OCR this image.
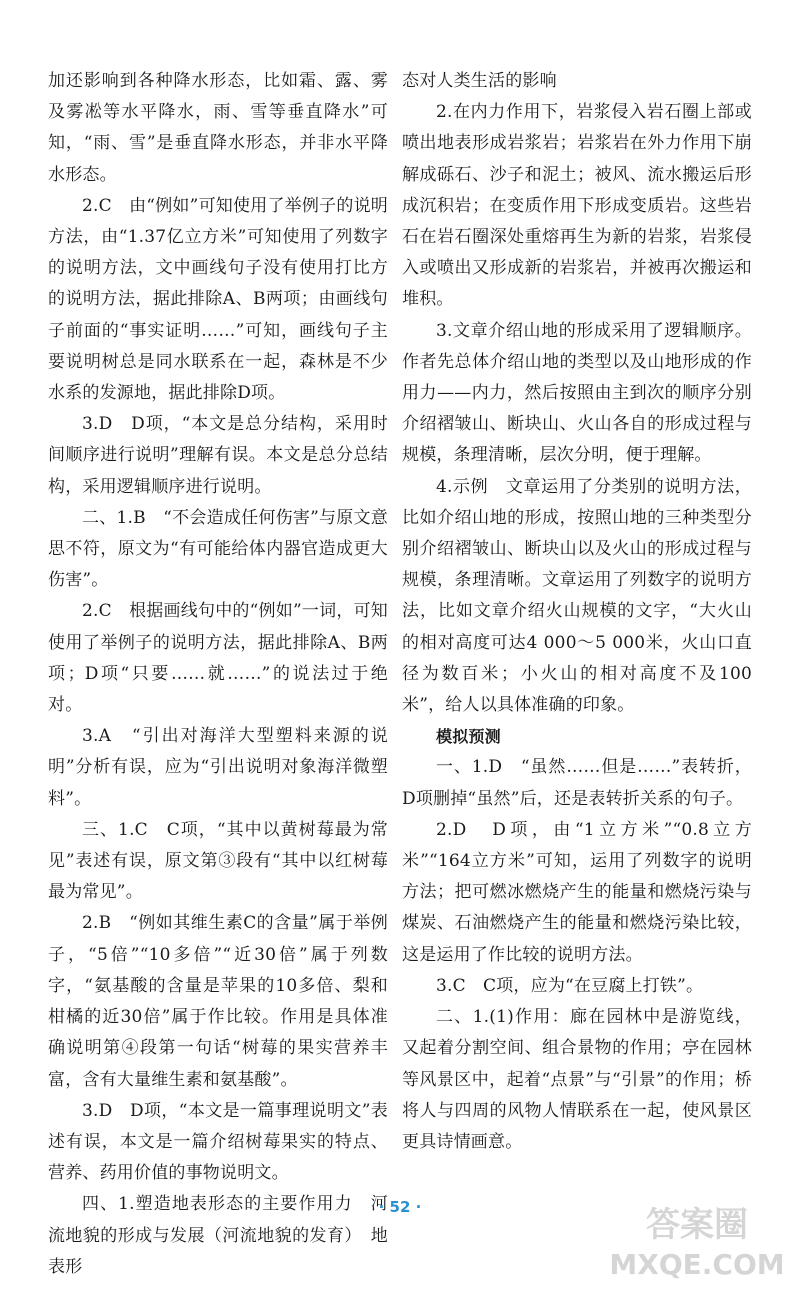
加还影响到各种降水形态，比如霜、露、雾及雾凇等水平降水，雨、雪等垂直降水”可知，“雨、雪”是垂直降水形态，并非水平降水形态。

2.C　由“例如”可知使用了举例子的说明方法，由“1.37亿立方米”可知使用了列数字的说明方法，文中画线句子没有使用打比方的说明方法，据此排除A、B两项；由画线句子前面的“事实证明……”可知，画线句子主要说明树总是同水联系在一起，森林是不少水系的发源地，据此排除D项。

3.D　D项，“本文是总分结构，采用时间顺序进行说明”理解有误。本文是总分总结构，采用逻辑顺序进行说明。

二、1.B　“不会造成任何伤害”与原文意思不符，原文为“有可能给体内器官造成更大伤害”。

2.C　根据画线句中的“例如”一词，可知使用了举例子的说明方法，据此排除A、B两项；D项“只要……就……”的说法过于绝对。

3.A　“引出对海洋大型塑料来源的说明”分析有误，应为“引出说明对象海洋微塑料”。

三、1.C　C项，“其中以黄树莓最为常见”表述有误，原文第③段有“其中以红树莓最为常见”。

2.B　“例如其维生素C的含量”属于举例子，“5倍”“10多倍”“近30倍”属于列数字，“氨基酸的含量是苹果的10多倍、梨和柑橘的近30倍”属于作比较。作用是具体准确说明第④段第一句话“树莓的果实营养丰富，含有大量维生素和氨基酸”。

3.D　D项，“本文是一篇事理说明文”表述有误，本文是一篇介绍树莓果实的特点、营养、药用价值的事物说明文。

四、1.塑造地表形态的主要作用力　河流地貌的形成与发展（河流地貌的发育）　地表形

态对人类生活的影响

2.在内力作用下，岩浆侵入岩石圈上部或喷出地表形成岩浆岩；岩浆岩在外力作用下崩解成砾石、沙子和泥土；被风、流水搬运后形成沉积岩；在变质作用下形成变质岩。这些岩石在岩石圈深处重熔再生为新的岩浆，岩浆侵入或喷出又形成新的岩浆岩，并被再次搬运和堆积。

3.文章介绍山地的形成采用了逻辑顺序。作者先总体介绍山地的类型以及山地形成的作用力——内力，然后按照由主到次的顺序分别介绍褶皱山、断块山、火山各自的形成过程与规模，条理清晰，层次分明，便于理解。

4.示例　文章运用了分类别的说明方法，比如介绍山地的形成，按照山地的三种类型分别介绍褶皱山、断块山以及火山的形成过程与规模，条理清晰。文章运用了列数字的说明方法，比如文章介绍火山规模的文字，“大火山的相对高度可达4 000～5 000米，火山口直径为数百米；小火山的相对高度不及100米”，给人以具体准确的印象。

模拟预测

一、1.D　“虽然……但是……”表转折，D项删掉“虽然”后，还是表转折关系的句子。

2.D　D项，由“1立方米”“0.8立方米”“164立方米”可知，运用了列数字的说明方法；把可燃冰燃烧产生的能量和燃烧污染与煤炭、石油燃烧产生的能量和燃烧污染比较，这是运用了作比较的说明方法。

3.C　C项，应为“在豆腐上打铁”。

二、1.(1)作用：廊在园林中是游览线，又起着分割空间、组合景物的作用；亭在园林等风景区中，起着“点景”与“引景”的作用；桥将人与四周的风物人情联系在一起，使风景区更具诗情画意。

· 52 ·	答案圈
MXQE.COM
